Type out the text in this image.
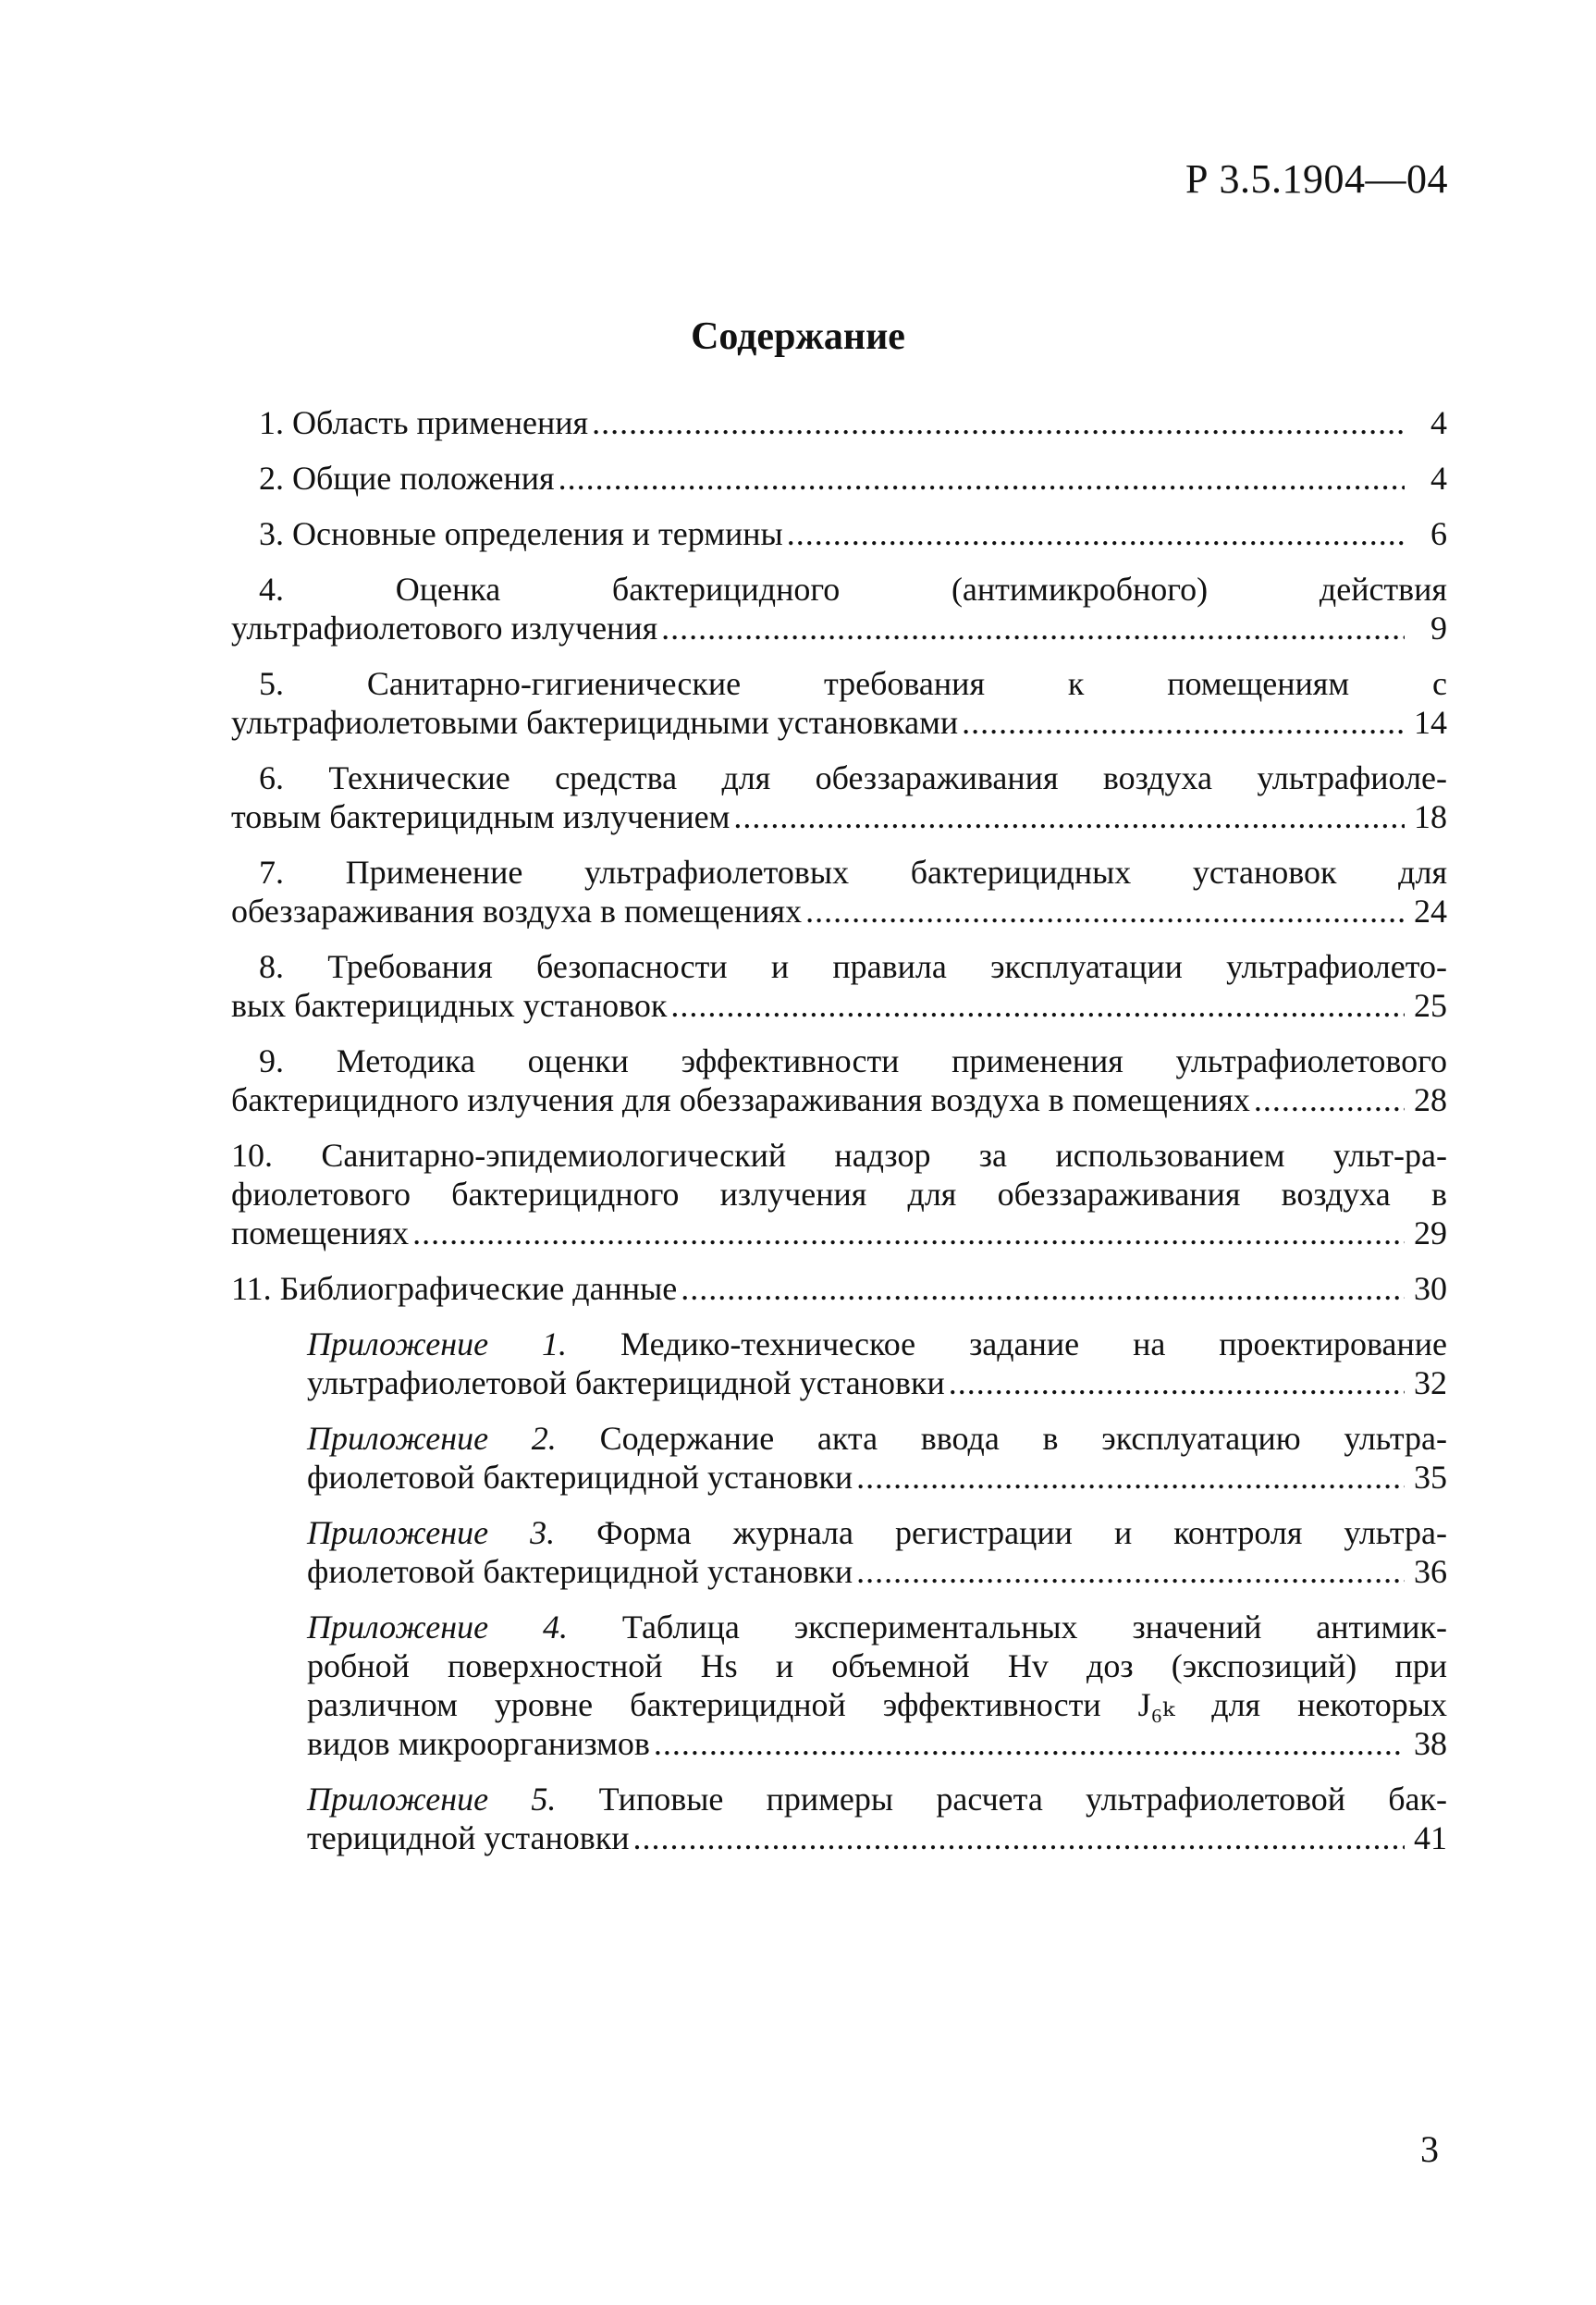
Р 3.5.1904—04
Содержание
1. Область применения .....	4
2. Общие положения .....	4
3. Основные определения и термины .....	6
4.	Оценка бактерицидного (антимикробного) действия
ультрафиолетового излучения .....	9
5. Санитарно-гигиенические требования к помещениям с
ультрафиолетовыми бактерицидными установками .....	14
6. Технические средства для обеззараживания воздуха ультрафиоле-
товым бактерицидным излучением .....	18
7. Применение ультрафиолетовых бактерицидных установок для
обеззараживания воздуха в помещениях .....	24
8. Требования безопасности и правила эксплуатации ультрафиолето-
вых бактерицидных установок .....	25
9. Методика оценки эффективности применения ультрафиолетового
бактерицидного излучения для обеззараживания воздуха в помещениях .....	28
10. Санитарно-эпидемиологический надзор за использованием ульт-ра-
фиолетового бактерицидного излучения для обеззараживания воздуха в
помещениях .....	29
11. Библиографические данные .....	30
Приложение 1. Медико-техническое задание на проектирование
ультрафиолетовой бактерицидной установки .....	32
Приложение 2. Содержание акта ввода в эксплуатацию ультра-
фиолетовой бактерицидной установки .....	35
Приложение 3. Форма журнала регистрации и контроля ультра-
фиолетовой бактерицидной установки .....	36
Приложение 4. Таблица экспериментальных значений антимик-
робной поверхностной Hs и объемной Hv доз (экспозиций) при
различном уровне бактерицидной эффективности J₆ₖ для некоторых
видов микроорганизмов .....	38
Приложение 5. Типовые примеры расчета ультрафиолетовой бак-
терицидной установки .....	41
3
